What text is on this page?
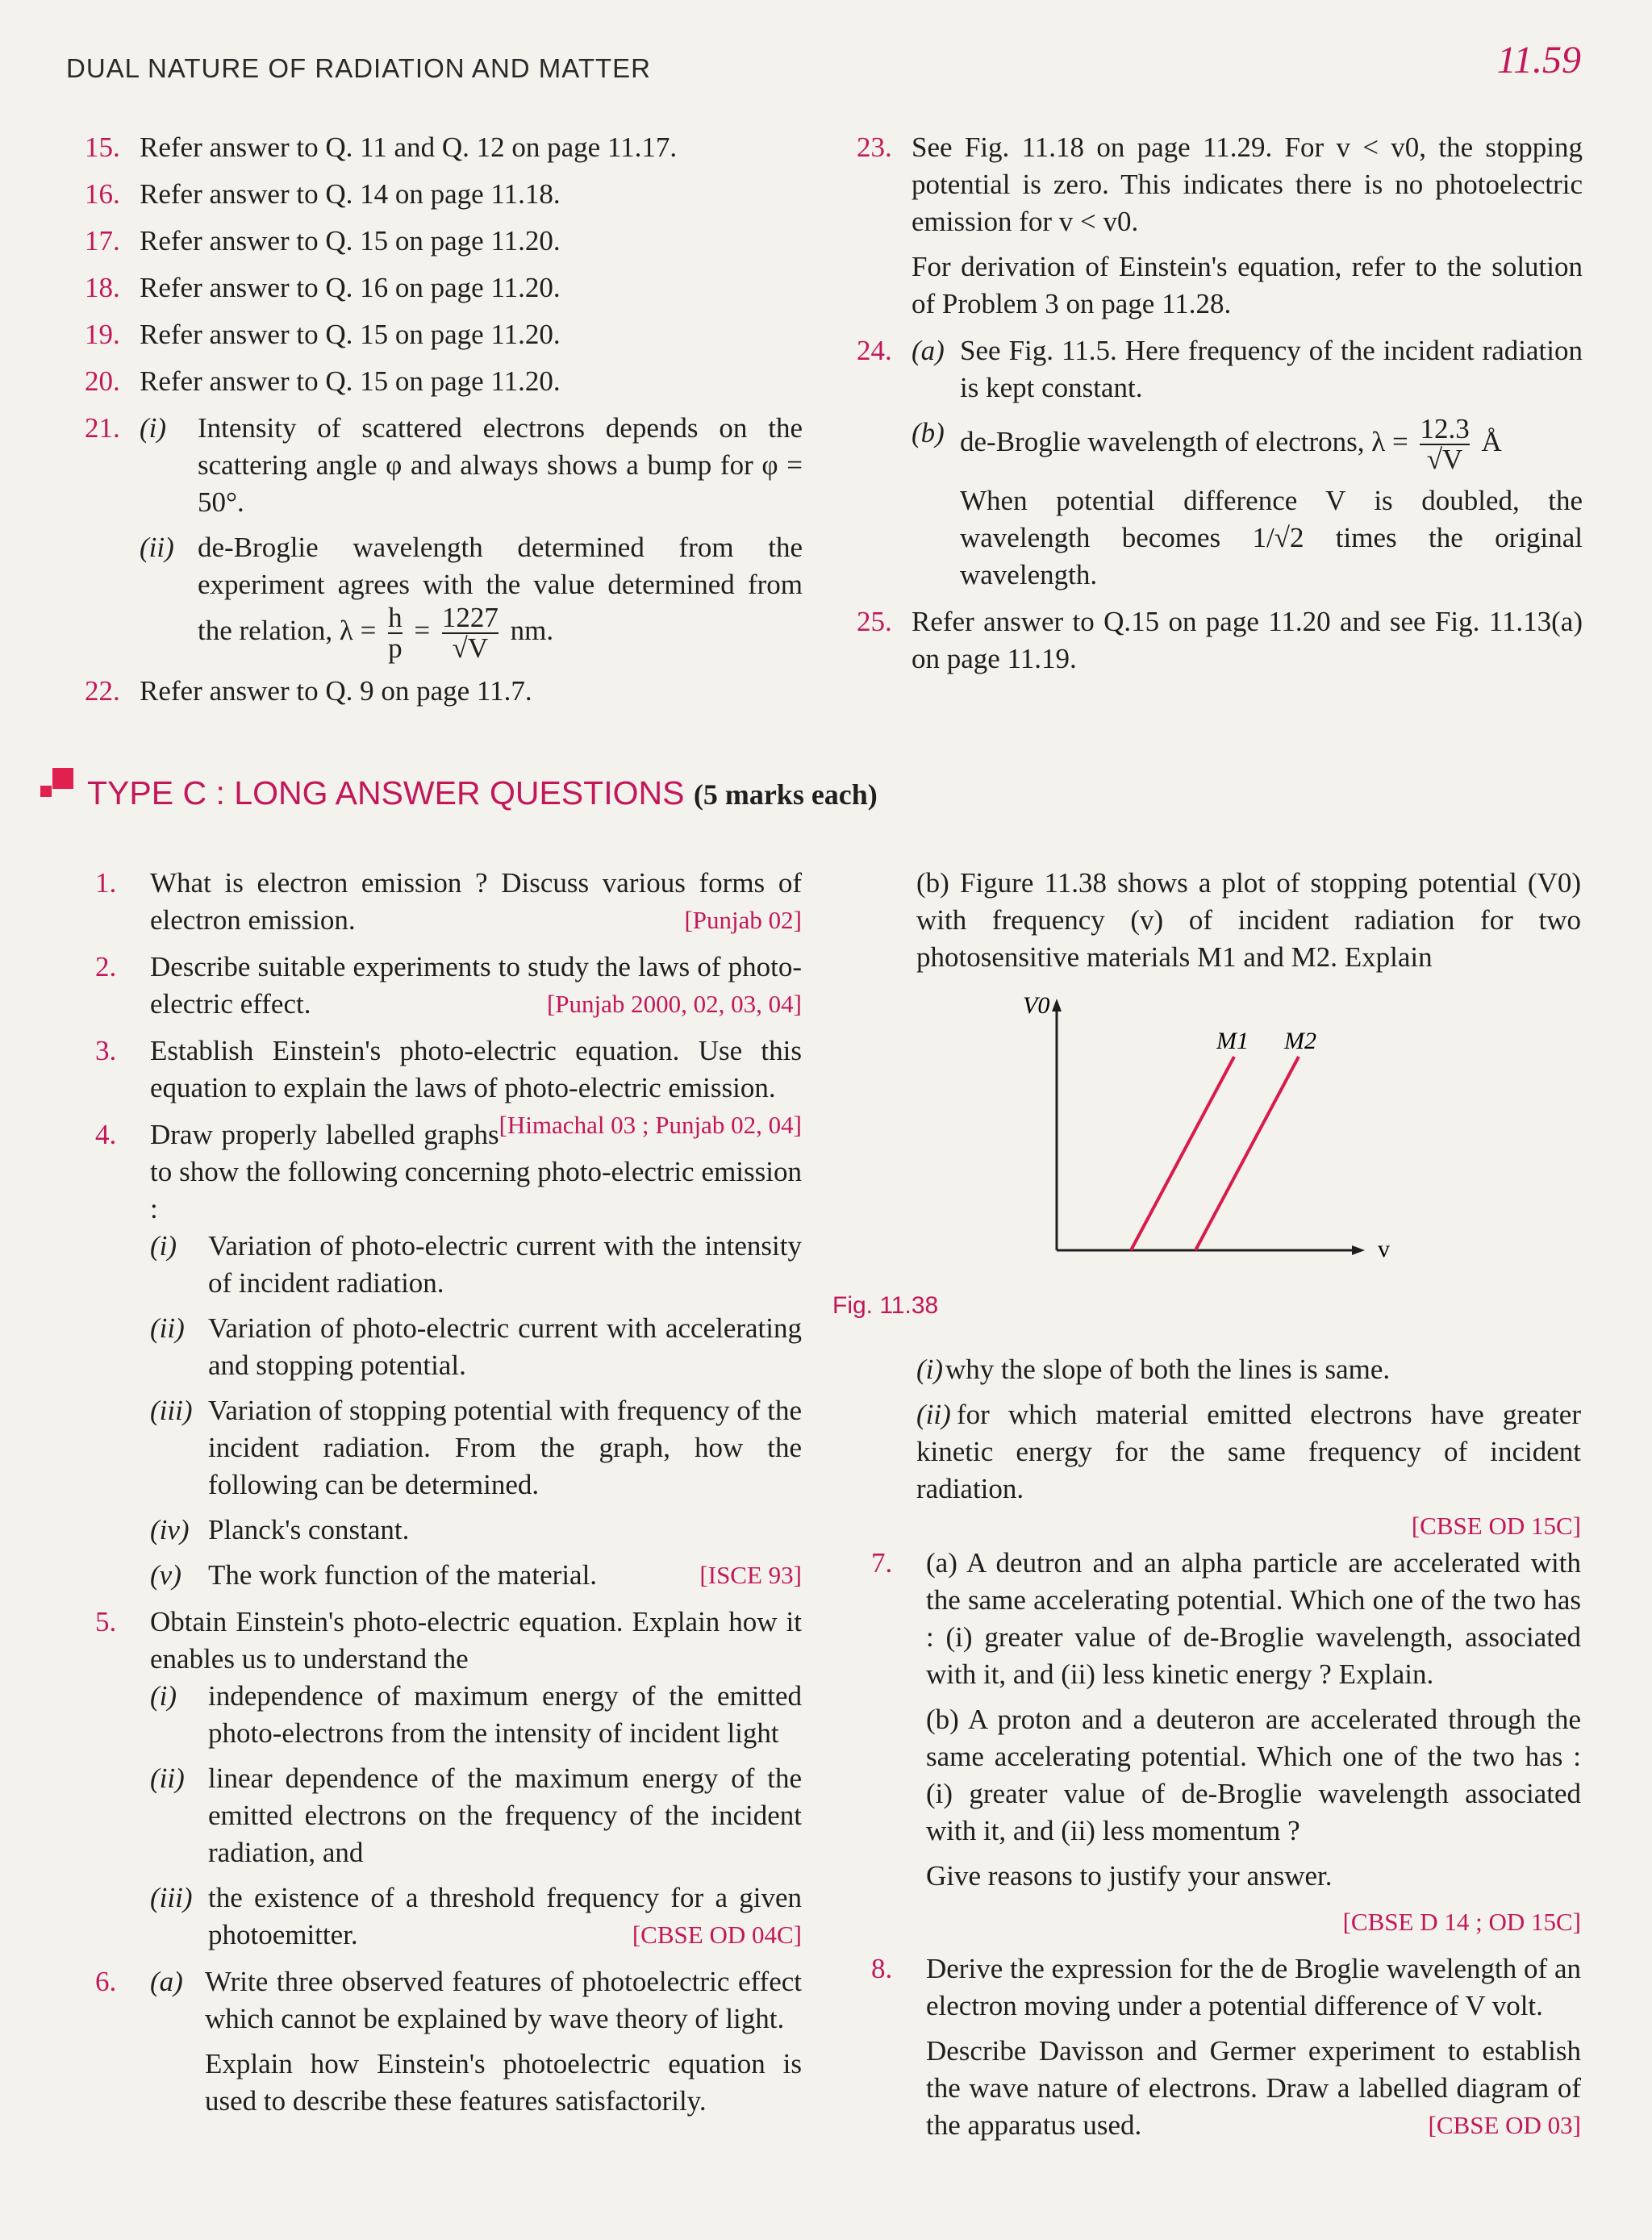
DUAL NATURE OF RADIATION AND MATTER	11.59
15. Refer answer to Q. 11 and Q. 12 on page 11.17.
16. Refer answer to Q. 14 on page 11.18.
17. Refer answer to Q. 15 on page 11.20.
18. Refer answer to Q. 16 on page 11.20.
19. Refer answer to Q. 15 on page 11.20.
20. Refer answer to Q. 15 on page 11.20.
21. (i) Intensity of scattered electrons depends on the scattering angle φ and always shows a bump for φ = 50°.
(ii) de-Broglie wavelength determined from the experiment agrees with the value determined from the relation, $\lambda = \frac{h}{p} = \frac{1227}{√V}$ nm.
22. Refer answer to Q. 9 on page 11.7.
23. See Fig. 11.18 on page 11.29. For v < v0, the stopping potential is zero. This indicates there is no photoelectric emission for v < v0.
For derivation of Einstein's equation, refer to the solution of Problem 3 on page 11.28.
24. (a) See Fig. 11.5. Here frequency of the incident radiation is kept constant.
(b) de-Broglie wavelength of electrons, $\lambda = \frac{12.3}{√V}$ Å
When potential difference V is doubled, the wavelength becomes 1/√2 times the original wavelength.
25. Refer answer to Q.15 on page 11.20 and see Fig. 11.13(a) on page 11.19.
TYPE C : LONG ANSWER QUESTIONS (5 marks each)
1. What is electron emission ? Discuss various forms of electron emission.	[Punjab 02]
2. Describe suitable experiments to study the laws of photo-electric effect.	[Punjab 2000, 02, 03, 04]
3. Establish Einstein's photo-electric equation. Use this equation to explain the laws of photo-electric emission.
[Himachal 03 ; Punjab 02, 04]
4. Draw properly labelled graphs to show the following concerning photo-electric emission :
(i) Variation of photo-electric current with the intensity of incident radiation.
(ii) Variation of photo-electric current with accelerating and stopping potential.
(iii) Variation of stopping potential with frequency of the incident radiation. From the graph, how the following can be determined.
(iv) Planck's constant.
(v) The work function of the material.	[ISCE 93]
5. Obtain Einstein's photo-electric equation. Explain how it enables us to understand the
(i) independence of maximum energy of the emitted photo-electrons from the intensity of incident light
(ii) linear dependence of the maximum energy of the emitted electrons on the frequency of the incident radiation, and
(iii) the existence of a threshold frequency for a given photoemitter.	[CBSE OD 04C]
6. (a) Write three observed features of photoelectric effect which cannot be explained by wave theory of light.
Explain how Einstein's photoelectric equation is used to describe these features satisfactorily.
(b) Figure 11.38 shows a plot of stopping potential (V0) with frequency (v) of incident radiation for two photosensitive materials M1 and M2. Explain
V0
v
M1 M2
Fig. 11.38
(i) why the slope of both the lines is same.
(ii) for which material emitted electrons have greater kinetic energy for the same frequency of incident radiation.
[CBSE OD 15C]
7. (a) A deutron and an alpha particle are accelerated with the same accelerating potential. Which one of the two has : (i) greater value of de-Broglie wavelength, associated with it, and (ii) less kinetic energy ? Explain.
(b) A proton and a deuteron are accelerated through the same accelerating potential. Which one of the two has : (i) greater value of de-Broglie wavelength associated with it, and (ii) less momentum ?
Give reasons to justify your answer.
[CBSE D 14 ; OD 15C]
8. Derive the expression for the de Broglie wavelength of an electron moving under a potential difference of V volt.
Describe Davisson and Germer experiment to establish the wave nature of electrons. Draw a labelled diagram of the apparatus used.	[CBSE OD 03]
